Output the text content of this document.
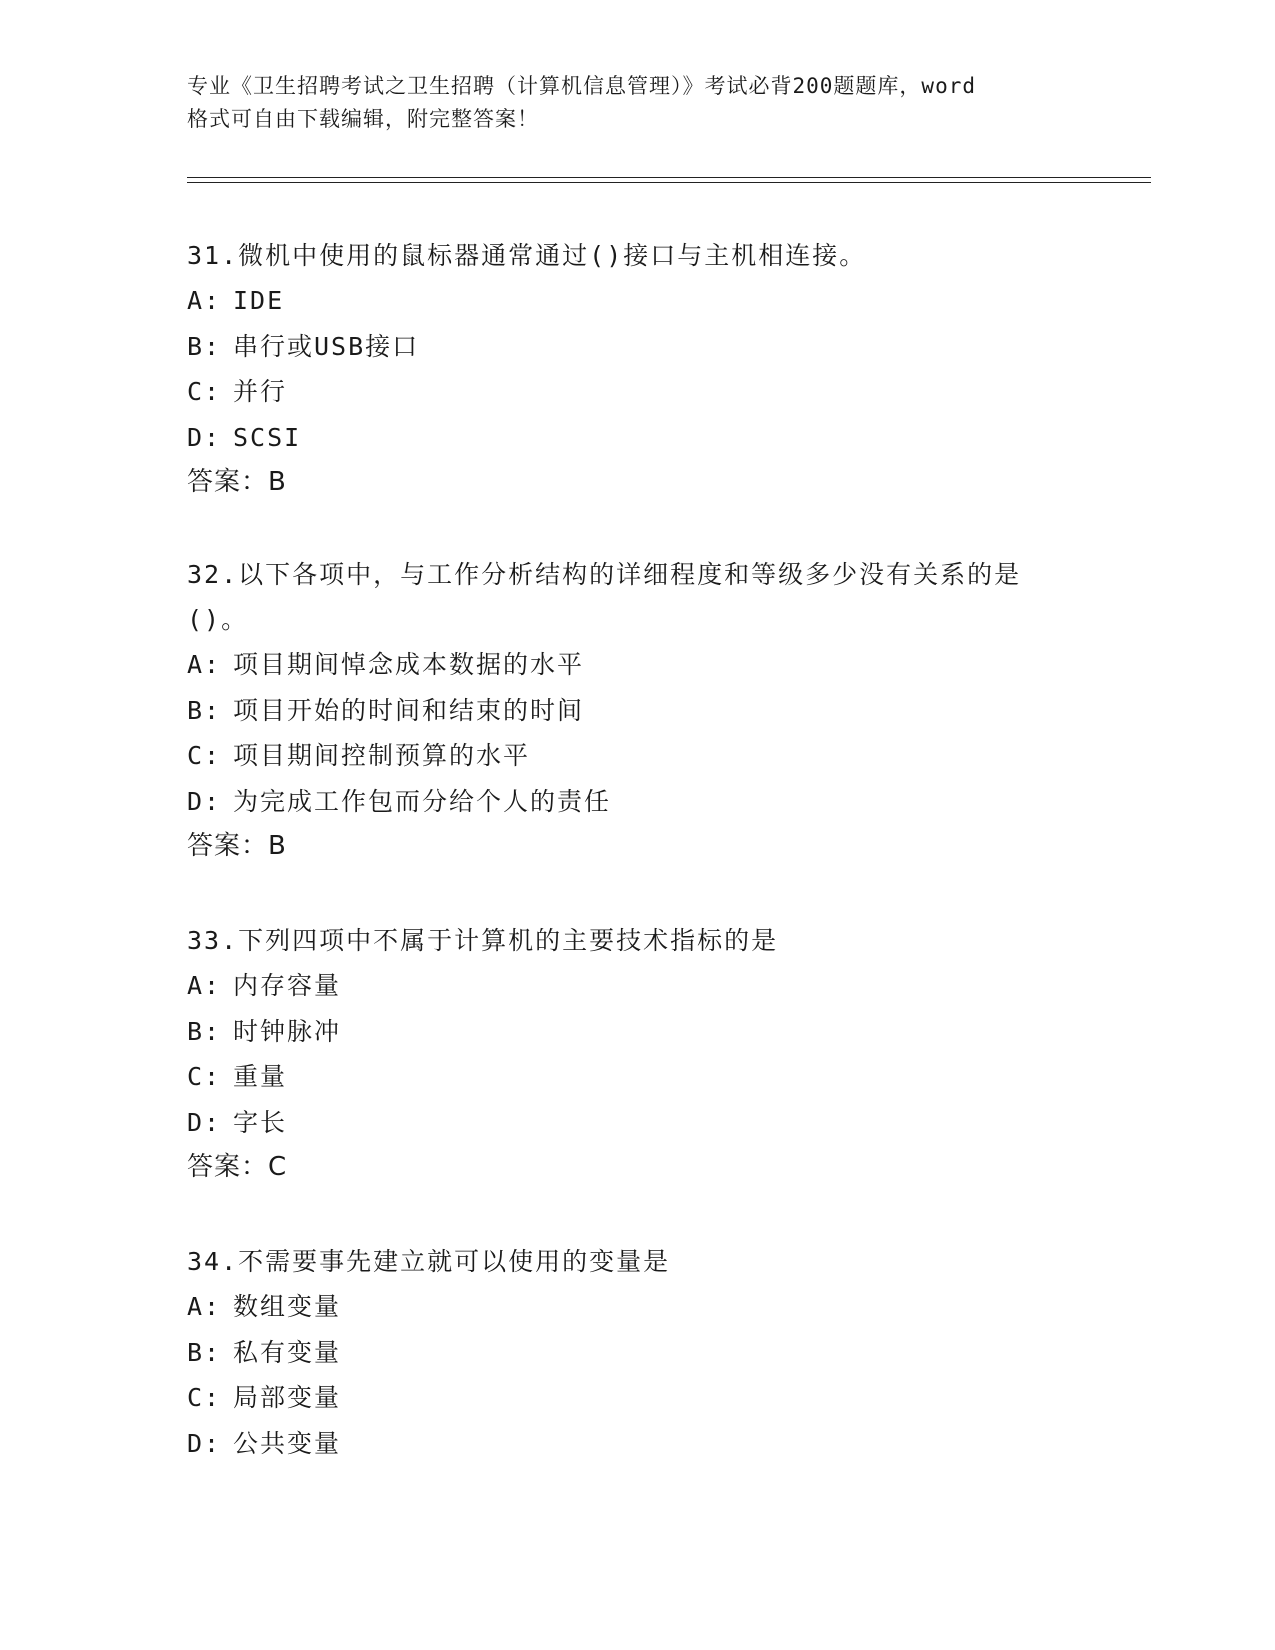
专业《卫生招聘考试之卫生招聘（计算机信息管理）》考试必背200题题库，word
格式可自由下载编辑，附完整答案！

31.微机中使用的鼠标器通常通过()接口与主机相连接。

A: IDE

B: 串行或USB接口

C: 并行

D: SCSI

答案：B

32.以下各项中，与工作分析结构的详细程度和等级多少没有关系的是()。

A: 项目期间悼念成本数据的水平

B: 项目开始的时间和结束的时间

C: 项目期间控制预算的水平

D: 为完成工作包而分给个人的责任

答案：B

33.下列四项中不属于计算机的主要技术指标的是

A: 内存容量

B: 时钟脉冲

C: 重量

D: 字长

答案：C

34.不需要事先建立就可以使用的变量是

A: 数组变量

B: 私有变量

C: 局部变量

D: 公共变量
